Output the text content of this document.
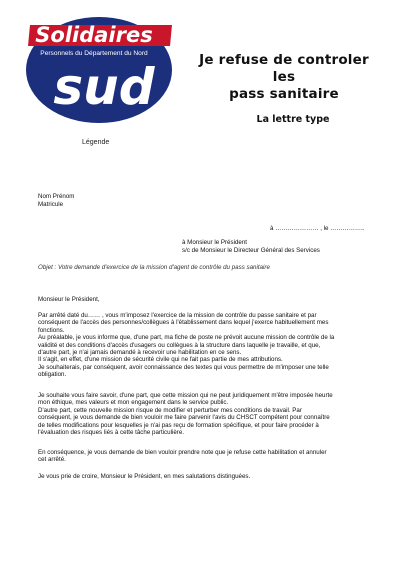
Solidaires
Personnels du Département du Nord
sud
Légende
Je refuse de controler les
pass sanitaire
La lettre type
Nom Prénom
Matricule
à ………………… , le ……………..
à Monsieur le Président
s/c de Monsieur le Directeur Général des Services
Objet : Votre demande d'exercice de la mission d'agent de contrôle du pass sanitaire
Monsieur le Président,
Par arrêté daté du…… , vous m'imposez l'exercice de la mission de contrôle du passe sanitaire et par
conséquent de l'accès des personnes/collègues à l'établissement dans lequel j'exerce habituellement mes
fonctions.
Au préalable, je vous informe que, d'une part, ma fiche de poste ne prévoit aucune mission de contrôle de la
validité et des conditions d'accès d'usagers ou collègues à la structure dans laquelle je travaille, et que,
d'autre part, je n'ai jamais demandé à recevoir une habilitation en ce sens.
Il s'agit, en effet, d'une mission de sécurité civile qui ne fait pas partie de mes attributions.
Je souhaiterais, par conséquent, avoir connaissance des textes qui vous permettre de m'imposer une telle
obligation.
Je souhaite vous faire savoir, d'une part, que cette mission qui ne peut juridiquement m'être imposée heurte
mon éthique, mes valeurs et mon engagement dans le service public.
D'autre part, cette nouvelle mission risque de modifier et perturber mes conditions de travail. Par
conséquent, je vous demande de bien vouloir me faire parvenir l'avis du CHSCT compétent pour connaître
de telles modifications pour lesquelles je n'ai pas reçu de formation spécifique, et pour faire procéder à
l'évaluation des risques liés à cette tâche particulière.
En conséquence, je vous demande de bien vouloir prendre note que je refuse cette habilitation et annuler
cet arrêté.
Je vous prie de croire, Monsieur le Président, en mes salutations distinguées.
